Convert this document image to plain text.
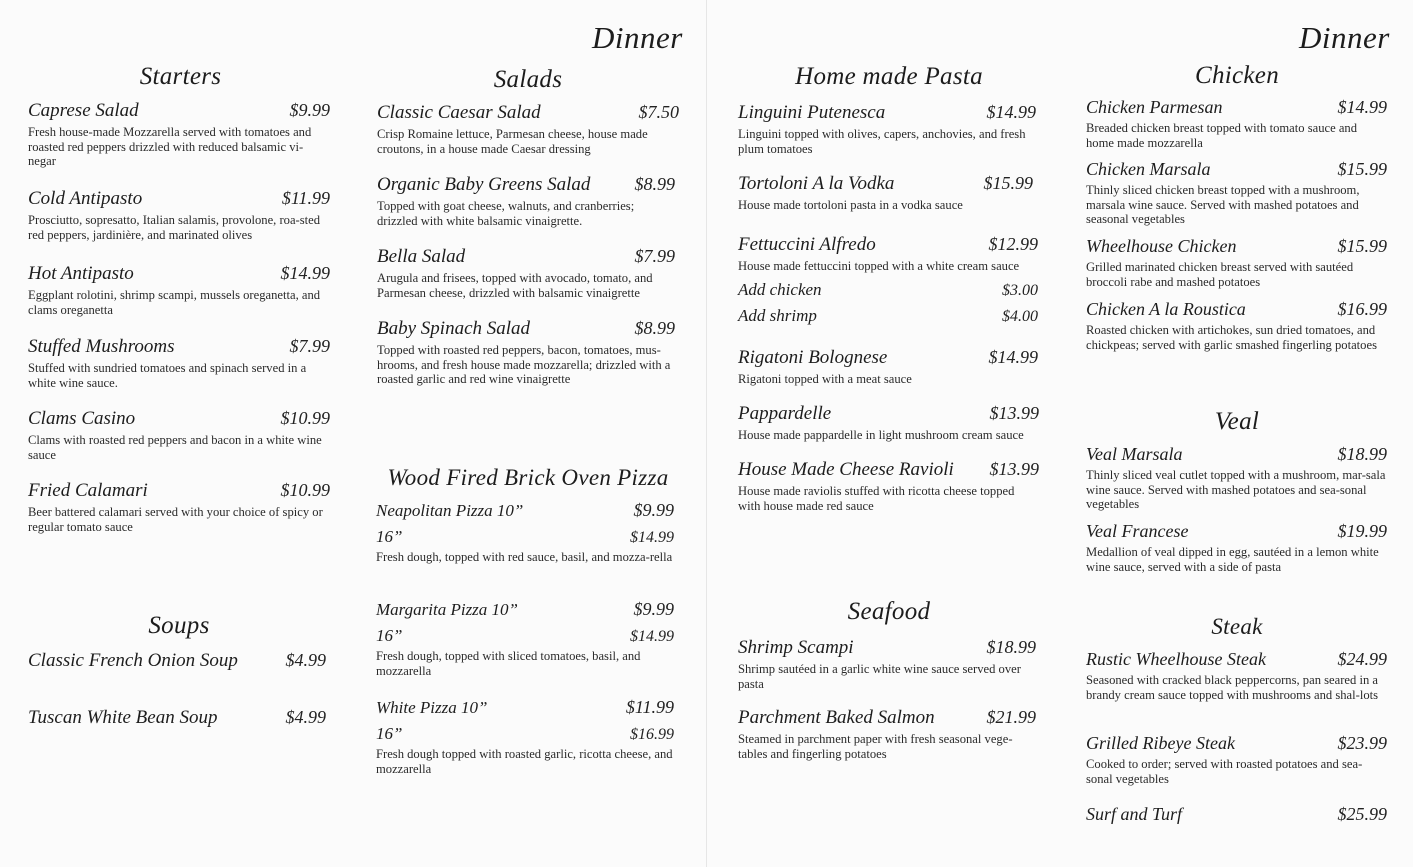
Dinner
Starters
Caprese Salad	$9.99
Fresh house-made Mozzarella served with tomatoes and roasted red peppers drizzled with reduced balsamic vi-negar
Cold Antipasto	$11.99
Prosciutto, sopresatto, Italian salamis, provolone, roa-sted red peppers, jardinière, and marinated olives
Hot Antipasto	$14.99
Eggplant rolotini, shrimp scampi, mussels oreganetta, and clams oreganetta
Stuffed Mushrooms	$7.99
Stuffed with sundried tomatoes and spinach served in a white wine sauce.
Clams Casino	$10.99
Clams with roasted red peppers and bacon in a white wine sauce
Fried Calamari	$10.99
Beer battered calamari served with your choice of spicy or regular tomato sauce
Soups
Classic French Onion Soup	$4.99
Tuscan White Bean Soup	$4.99
Salads
Classic Caesar Salad	$7.50
Crisp Romaine lettuce, Parmesan cheese, house made croutons, in a house made Caesar dressing
Organic Baby Greens Salad $8.99
Topped with goat cheese, walnuts, and cranberries; drizzled with white balsamic vinaigrette.
Bella Salad	$7.99
Arugula and frisees, topped with avocado, tomato, and Parmesan cheese, drizzled with balsamic vinaigrette
Baby Spinach Salad	$8.99
Topped with roasted red peppers, bacon, tomatoes, mus-hrooms, and fresh house made mozzarella; drizzled with a roasted garlic and red wine vinaigrette
Wood Fired Brick Oven Pizza
Neapolitan Pizza 10”	$9.99
16”	$14.99
Fresh dough, topped with red sauce, basil, and mozza-rella
Margarita Pizza 10”	$9.99
16”	$14.99
Fresh dough, topped with sliced tomatoes, basil, and mozzarella
White Pizza 10”	$11.99
16”	$16.99
Fresh dough topped with roasted garlic, ricotta cheese, and mozzarella
Dinner
Home made Pasta
Linguini Putenesca	$14.99
Linguini topped with olives, capers, anchovies, and fresh plum tomatoes
Tortoloni A la Vodka	$15.99
House made tortoloni pasta in a vodka sauce
Fettuccini Alfredo	$12.99
House made fettuccini topped with a white cream sauce
Add chicken	$3.00
Add shrimp	$4.00
Rigatoni Bolognese	$14.99
Rigatoni topped with a meat sauce
Pappardelle	$13.99
House made pappardelle in light mushroom cream sauce
House Made Cheese Ravioli $13.99
House made raviolis stuffed with ricotta cheese topped with house made red sauce
Seafood
Shrimp Scampi	$18.99
Shrimp sautéed in a garlic white wine sauce served over pasta
Parchment Baked Salmon	$21.99
Steamed in parchment paper with fresh seasonal vege-tables and fingerling potatoes
Chicken
Chicken Parmesan	$14.99
Breaded chicken breast topped with tomato sauce and home made mozzarella
Chicken Marsala	$15.99
Thinly sliced chicken breast topped with a mushroom, marsala wine sauce. Served with mashed potatoes and seasonal vegetables
Wheelhouse Chicken	$15.99
Grilled marinated chicken breast served with sautéed broccoli rabe and mashed potatoes
Chicken A la Roustica	$16.99
Roasted chicken with artichokes, sun dried tomatoes, and chickpeas; served with garlic smashed fingerling potatoes
Veal
Veal Marsala	$18.99
Thinly sliced veal cutlet topped with a mushroom, mar-sala wine sauce. Served with mashed potatoes and sea-sonal vegetables
Veal Francese	$19.99
Medallion of veal dipped in egg, sautéed in a lemon white wine sauce, served with a side of pasta
Steak
Rustic Wheelhouse Steak	$24.99
Seasoned with cracked black peppercorns, pan seared in a brandy cream sauce topped with mushrooms and shal-lots
Grilled Ribeye Steak	$23.99
Cooked to order; served with roasted potatoes and sea-sonal vegetables
Surf and Turf	$25.99
